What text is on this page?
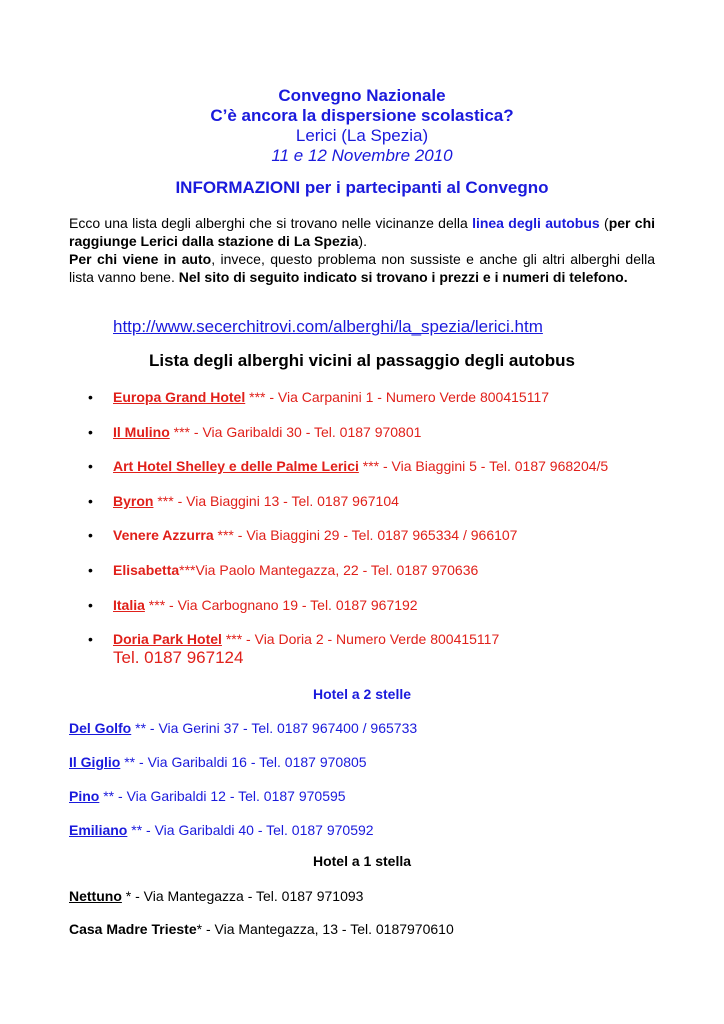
Convegno Nazionale

C’è ancora la dispersione scolastica?

Lerici (La Spezia)

11 e 12 Novembre 2010

INFORMAZIONI per i partecipanti al Convegno

Ecco una lista degli alberghi che si trovano nelle vicinanze della linea degli autobus (per chi raggiunge Lerici dalla stazione di La Spezia).
Per chi viene in auto, invece, questo problema non sussiste e anche gli altri alberghi della lista vanno bene. Nel sito di seguito indicato si trovano i prezzi e i numeri di telefono.

http://www.secerchitrovi.com/alberghi/la_spezia/lerici.htm
Lista degli alberghi vicini al passaggio degli autobus
• Europa Grand Hotel *** - Via Carpanini 1 - Numero Verde 800415117
• Il Mulino *** - Via Garibaldi 30 - Tel. 0187 970801
• Art Hotel Shelley e delle Palme Lerici *** - Via Biaggini 5 - Tel. 0187 968204/5
• Byron *** - Via Biaggini 13 - Tel. 0187 967104
• Venere Azzurra *** - Via Biaggini 29 - Tel. 0187 965334 / 966107
• Elisabetta***Via Paolo Mantegazza, 22 - Tel. 0187 970636
• Italia *** - Via Carbognano 19 - Tel. 0187 967192
• Doria Park Hotel *** - Via Doria 2 - Numero Verde 800415117
Tel. 0187 967124
Hotel a 2 stelle
Del Golfo ** - Via Gerini 37 - Tel. 0187 967400 / 965733
Il Giglio ** - Via Garibaldi 16 - Tel. 0187 970805
Pino ** - Via Garibaldi 12 - Tel. 0187 970595
Emiliano ** - Via Garibaldi 40 - Tel. 0187 970592
Hotel a 1 stella
Nettuno * - Via Mantegazza - Tel. 0187 971093
Casa Madre Trieste* - Via Mantegazza, 13 - Tel. 0187970610
